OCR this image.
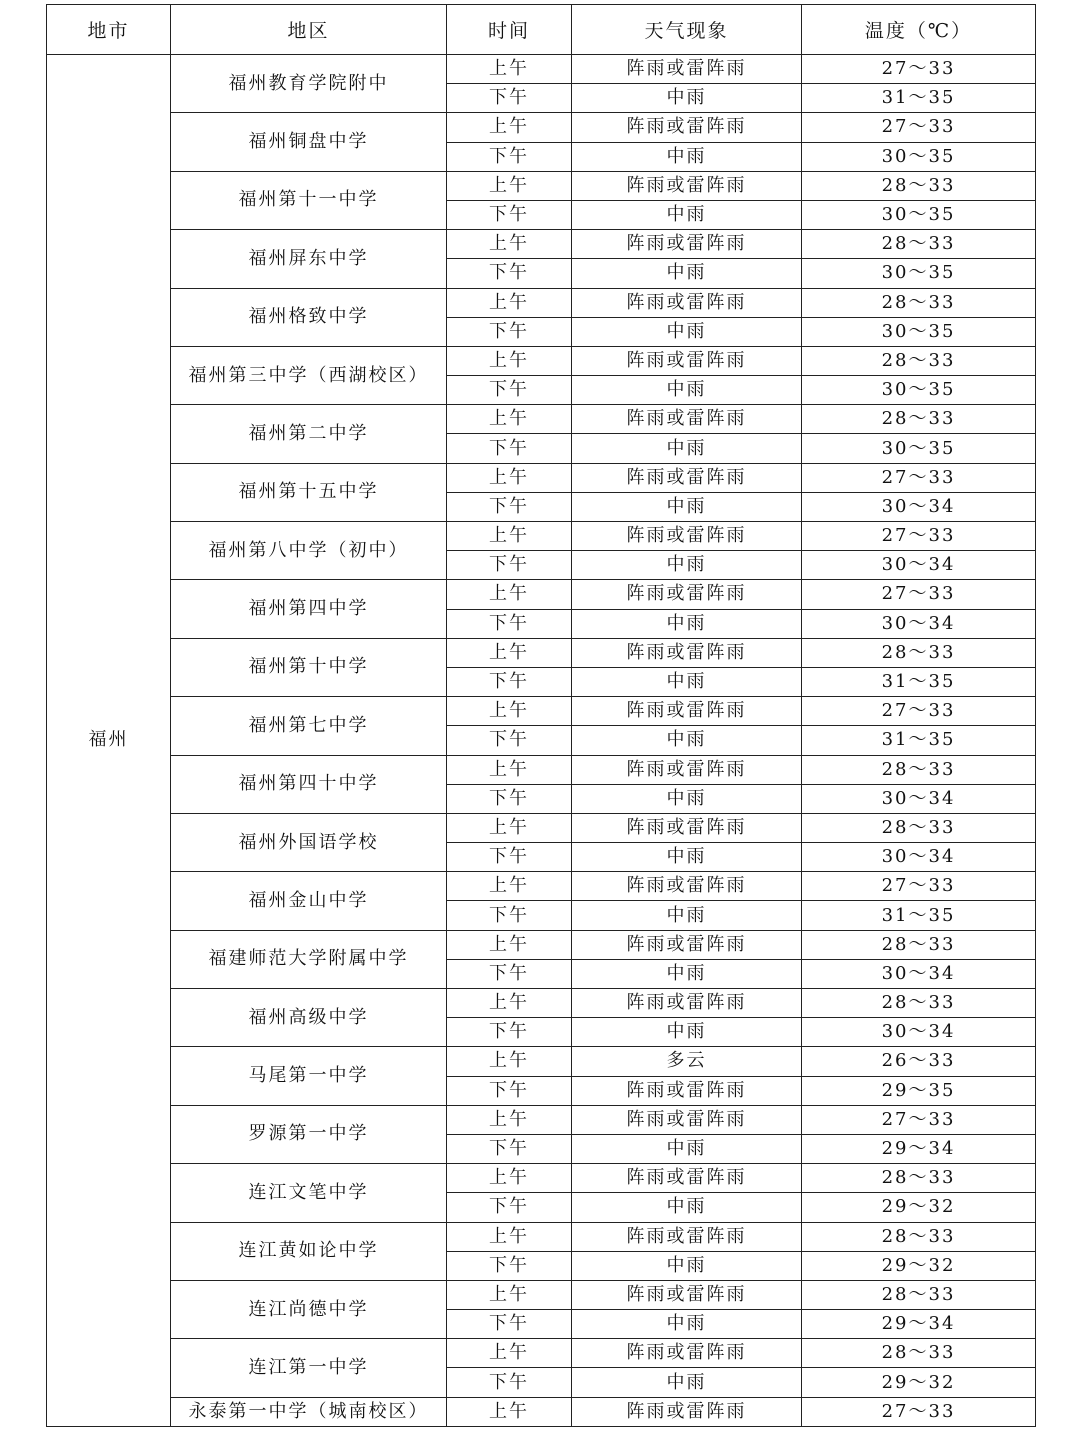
地市	地区	时间	天气现象	温度（℃）
福州	福州教育学院附中	上午	阵雨或雷阵雨	27～33
		下午	中雨	31～35
	福州铜盘中学	上午	阵雨或雷阵雨	27～33
		下午	中雨	30～35
	福州第十一中学	上午	阵雨或雷阵雨	28～33
		下午	中雨	30～35
	福州屏东中学	上午	阵雨或雷阵雨	28～33
		下午	中雨	30～35
	福州格致中学	上午	阵雨或雷阵雨	28～33
		下午	中雨	30～35
	福州第三中学（西湖校区）	上午	阵雨或雷阵雨	28～33
		下午	中雨	30～35
	福州第二中学	上午	阵雨或雷阵雨	28～33
		下午	中雨	30～35
	福州第十五中学	上午	阵雨或雷阵雨	27～33
		下午	中雨	30～34
	福州第八中学（初中）	上午	阵雨或雷阵雨	27～33
		下午	中雨	30～34
	福州第四中学	上午	阵雨或雷阵雨	27～33
		下午	中雨	30～34
	福州第十中学	上午	阵雨或雷阵雨	28～33
		下午	中雨	31～35
	福州第七中学	上午	阵雨或雷阵雨	27～33
		下午	中雨	31～35
	福州第四十中学	上午	阵雨或雷阵雨	28～33
		下午	中雨	30～34
	福州外国语学校	上午	阵雨或雷阵雨	28～33
		下午	中雨	30～34
	福州金山中学	上午	阵雨或雷阵雨	27～33
		下午	中雨	31～35
	福建师范大学附属中学	上午	阵雨或雷阵雨	28～33
		下午	中雨	30～34
	福州高级中学	上午	阵雨或雷阵雨	28～33
		下午	中雨	30～34
	马尾第一中学	上午	多云	26～33
		下午	阵雨或雷阵雨	29～35
	罗源第一中学	上午	阵雨或雷阵雨	27～33
		下午	中雨	29～34
	连江文笔中学	上午	阵雨或雷阵雨	28～33
		下午	中雨	29～32
	连江黄如论中学	上午	阵雨或雷阵雨	28～33
		下午	中雨	29～32
	连江尚德中学	上午	阵雨或雷阵雨	28～33
		下午	中雨	29～34
	连江第一中学	上午	阵雨或雷阵雨	28～33
		下午	中雨	29～32
	永泰第一中学（城南校区）	上午	阵雨或雷阵雨	27～33
